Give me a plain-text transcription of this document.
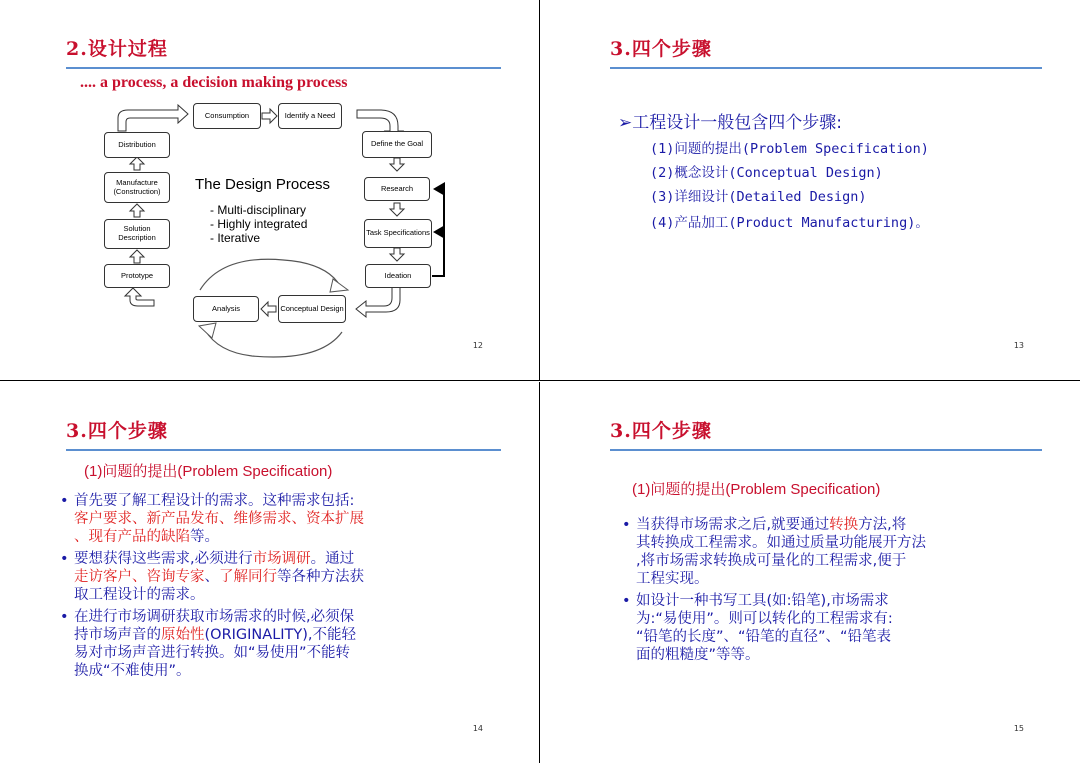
2.设计过程
.... a process, a decision making process
Consumption	Identify a Need
Define the Goal
Research
Task Specifications
Ideation
Conceptual Design
Analysis
Prototype
Solution Description
Manufacture (Construction)
Distribution
The Design Process
- Multi-disciplinary
- Highly integrated
- Iterative
12
3.四个步骤
➢工程设计一般包含四个步骤:
(1)问题的提出(Problem Specification)
(2)概念设计(Conceptual Design)
(3)详细设计(Detailed Design)
(4)产品加工(Product Manufacturing)。
13
3.四个步骤
(1)问题的提出(Problem Specification)
• 首先要了解工程设计的需求。这种需求包括:
客户要求、新产品发布、维修需求、资本扩展
、现有产品的缺陷等。
• 要想获得这些需求,必须进行市场调研。通过
走访客户、咨询专家、了解同行等各种方法获
取工程设计的需求。
• 在进行市场调研获取市场需求的时候,必须保
持市场声音的原始性(ORIGINALITY),不能轻
易对市场声音进行转换。如“易使用”不能转
换成“不难使用”。
14
3.四个步骤
(1)问题的提出(Problem Specification)
• 当获得市场需求之后,就要通过转换方法,将
其转换成工程需求。如通过质量功能展开方法
,将市场需求转换成可量化的工程需求,便于
工程实现。
• 如设计一种书写工具(如:铅笔),市场需求
为:“易使用”。则可以转化的工程需求有:
“铅笔的长度”、“铅笔的直径”、“铅笔表
面的粗糙度”等等。
15
